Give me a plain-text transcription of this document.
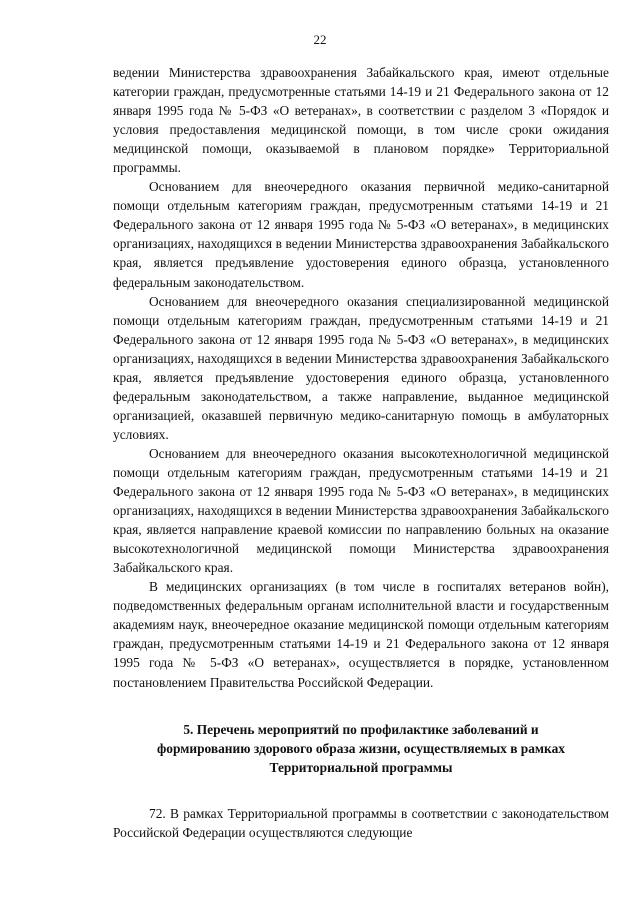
22

ведении Министерства здравоохранения Забайкальского края, имеют отдельные категории граждан, предусмотренные статьями 14-19 и 21 Федерального закона от 12 января 1995 года № 5-ФЗ «О ветеранах», в соответствии с разделом 3 «Порядок и условия предоставления медицинской помощи, в том числе сроки ожидания медицинской помощи, оказываемой в плановом порядке» Территориальной программы.

Основанием для внеочередного оказания первичной медико-санитарной помощи отдельным категориям граждан, предусмотренным статьями 14-19 и 21 Федерального закона от 12 января 1995 года № 5-ФЗ «О ветеранах», в медицинских организациях, находящихся в ведении Министерства здравоохранения Забайкальского края, является предъявление удостоверения единого образца, установленного федеральным законодательством.

Основанием для внеочередного оказания специализированной медицинской помощи отдельным категориям граждан, предусмотренным статьями 14-19 и 21 Федерального закона от 12 января 1995 года № 5-ФЗ «О ветеранах», в медицинских организациях, находящихся в ведении Министерства здравоохранения Забайкальского края, является предъявление удостоверения единого образца, установленного федеральным законодательством, а также направление, выданное медицинской организацией, оказавшей первичную медико-санитарную помощь в амбулаторных условиях.

Основанием для внеочередного оказания высокотехнологичной медицинской помощи отдельным категориям граждан, предусмотренным статьями 14-19 и 21 Федерального закона от 12 января 1995 года № 5-ФЗ «О ветеранах», в медицинских организациях, находящихся в ведении Министерства здравоохранения Забайкальского края, является направление краевой комиссии по направлению больных на оказание высокотехнологичной медицинской помощи Министерства здравоохранения Забайкальского края.

В медицинских организациях (в том числе в госпиталях ветеранов войн), подведомственных федеральным органам исполнительной власти и государственным академиям наук, внеочередное оказание медицинской помощи отдельным категориям граждан, предусмотренным статьями 14-19 и 21 Федерального закона от 12 января 1995 года № 5-ФЗ «О ветеранах», осуществляется в порядке, установленном постановлением Правительства Российской Федерации.

5. Перечень мероприятий по профилактике заболеваний и
формированию здорового образа жизни, осуществляемых в рамках
Территориальной программы

72. В рамках Территориальной программы в соответствии с законодательством Российской Федерации осуществляются следующие
